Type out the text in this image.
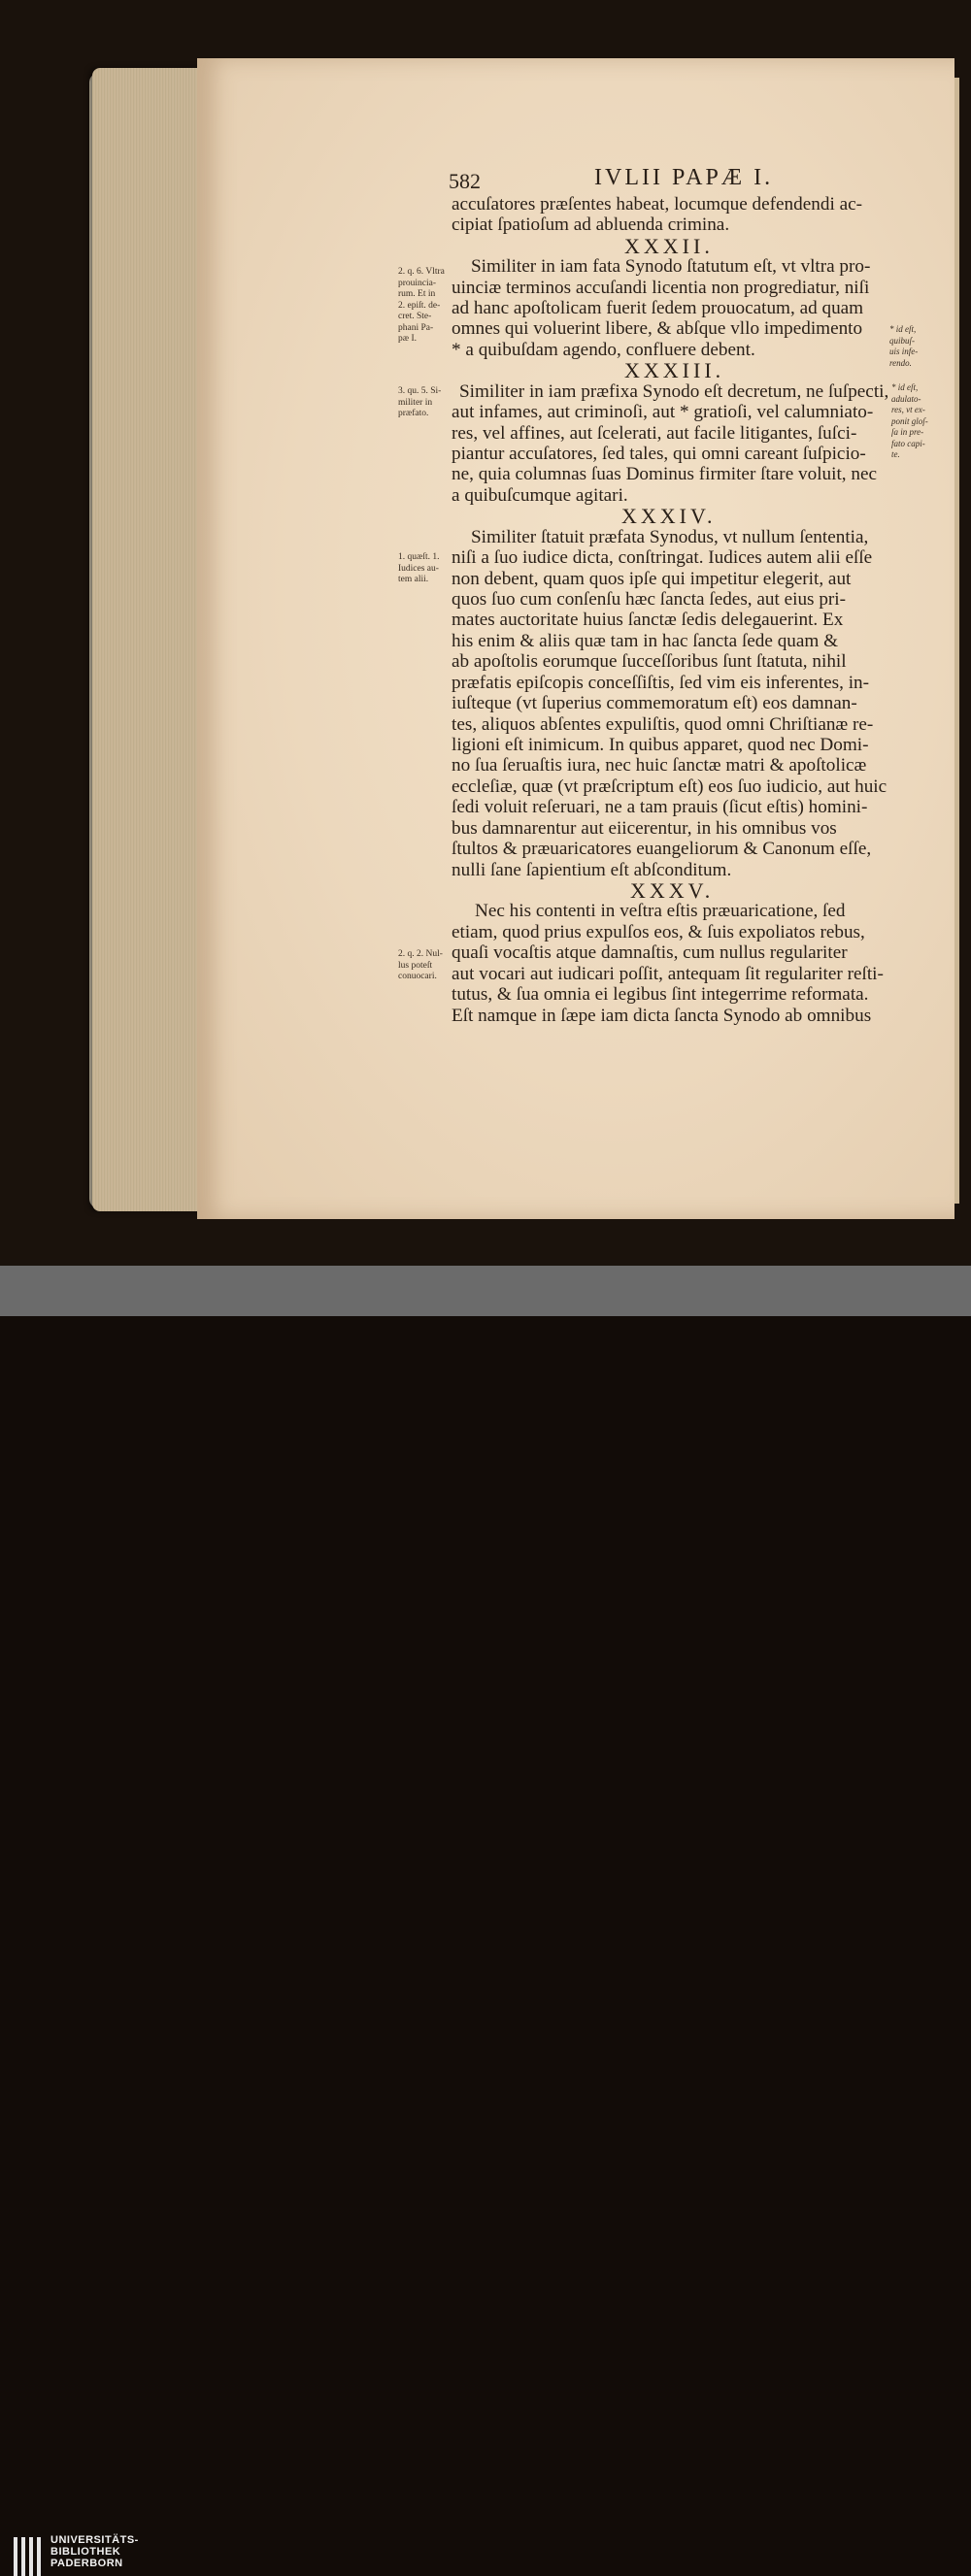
582	IVLII PAPÆ I.
accuſatores præſentes habeat, locumque defendendi ac-
cipiat ſpatioſum ad abluenda crimina.
XXXII.
Similiter in iam fata Synodo ſtatutum eſt, vt vltra pro-
uinciæ terminos accuſandi licentia non progrediatur, niſi
ad hanc apoſtolicam fuerit ſedem prouocatum, ad quam
omnes qui voluerint libere, & abſque vllo impedimento
* a quibuſdam agendo, confluere debent.
XXXIII.
Similiter in iam præfixa Synodo eſt decretum, ne ſuſpecti,
aut infames, aut criminoſi, aut * gratioſi, vel calumniato-
res, vel affines, aut ſcelerati, aut facile litigantes, ſuſci-
piantur accuſatores, ſed tales, qui omni careant ſuſpicio-
ne, quia columnas ſuas Dominus firmiter ſtare voluit, nec
a quibuſcumque agitari.
XXXIV.
Similiter ſtatuit præfata Synodus, vt nullum ſententia,
niſi a ſuo iudice dicta, conſtringat. Iudices autem alii eſſe
non debent, quam quos ipſe qui impetitur elegerit, aut
quos ſuo cum conſenſu hæc ſancta ſedes, aut eius pri-
mates auctoritate huius ſanctæ ſedis delegauerint. Ex
his enim & aliis quæ tam in hac ſancta ſede quam &
ab apoſtolis eorumque ſucceſſoribus ſunt ſtatuta, nihil
præfatis epiſcopis conceſſiſtis, ſed vim eis inferentes, in-
iuſteque (vt ſuperius commemoratum eſt) eos damnan-
tes, aliquos abſentes expuliſtis, quod omni Chriſtianæ re-
ligioni eſt inimicum. In quibus apparet, quod nec Domi-
no ſua ſeruaſtis iura, nec huic ſanctæ matri & apoſtolicæ
eccleſiæ, quæ (vt præſcriptum eſt) eos ſuo iudicio, aut huic
ſedi voluit reſeruari, ne a tam prauis (ſicut eſtis) homini-
bus damnarentur aut eiicerentur, in his omnibus vos
ſtultos & præuaricatores euangeliorum & Canonum eſſe,
nulli ſane ſapientium eſt abſconditum.
XXXV.
Nec his contenti in veſtra eſtis præuaricatione, ſed
etiam, quod prius expulſos eos, & ſuis expoliatos rebus,
quaſi vocaſtis atque damnaſtis, cum nullus regulariter
aut vocari aut iudicari poſſit, antequam ſit regulariter reſti-
tutus, & ſua omnia ei legibus ſint integerrime reformata.
Eſt namque in ſæpe iam dicta ſancta Synodo ab omnibus
2. q. 6. Vltra
prouincia-
rum. Et in
2. epiſt. de-
cret. Ste-
phani Pa-
pæ I.
3. qu. 5. Si-
militer in
præfato.
1. quæſt. 1.
Iudices au-
tem alii.
2. q. 2. Nul-
lus poteſt
conuocari.
* id eſt,
quibuſ-
uis infe-
rendo.
* id eſt,
adulato-
res, vt ex-
ponit gloſ-
ſa in pre-
fato capi-
te.
UNIVERSITÄTS-
BIBLIOTHEK
PADERBORN
